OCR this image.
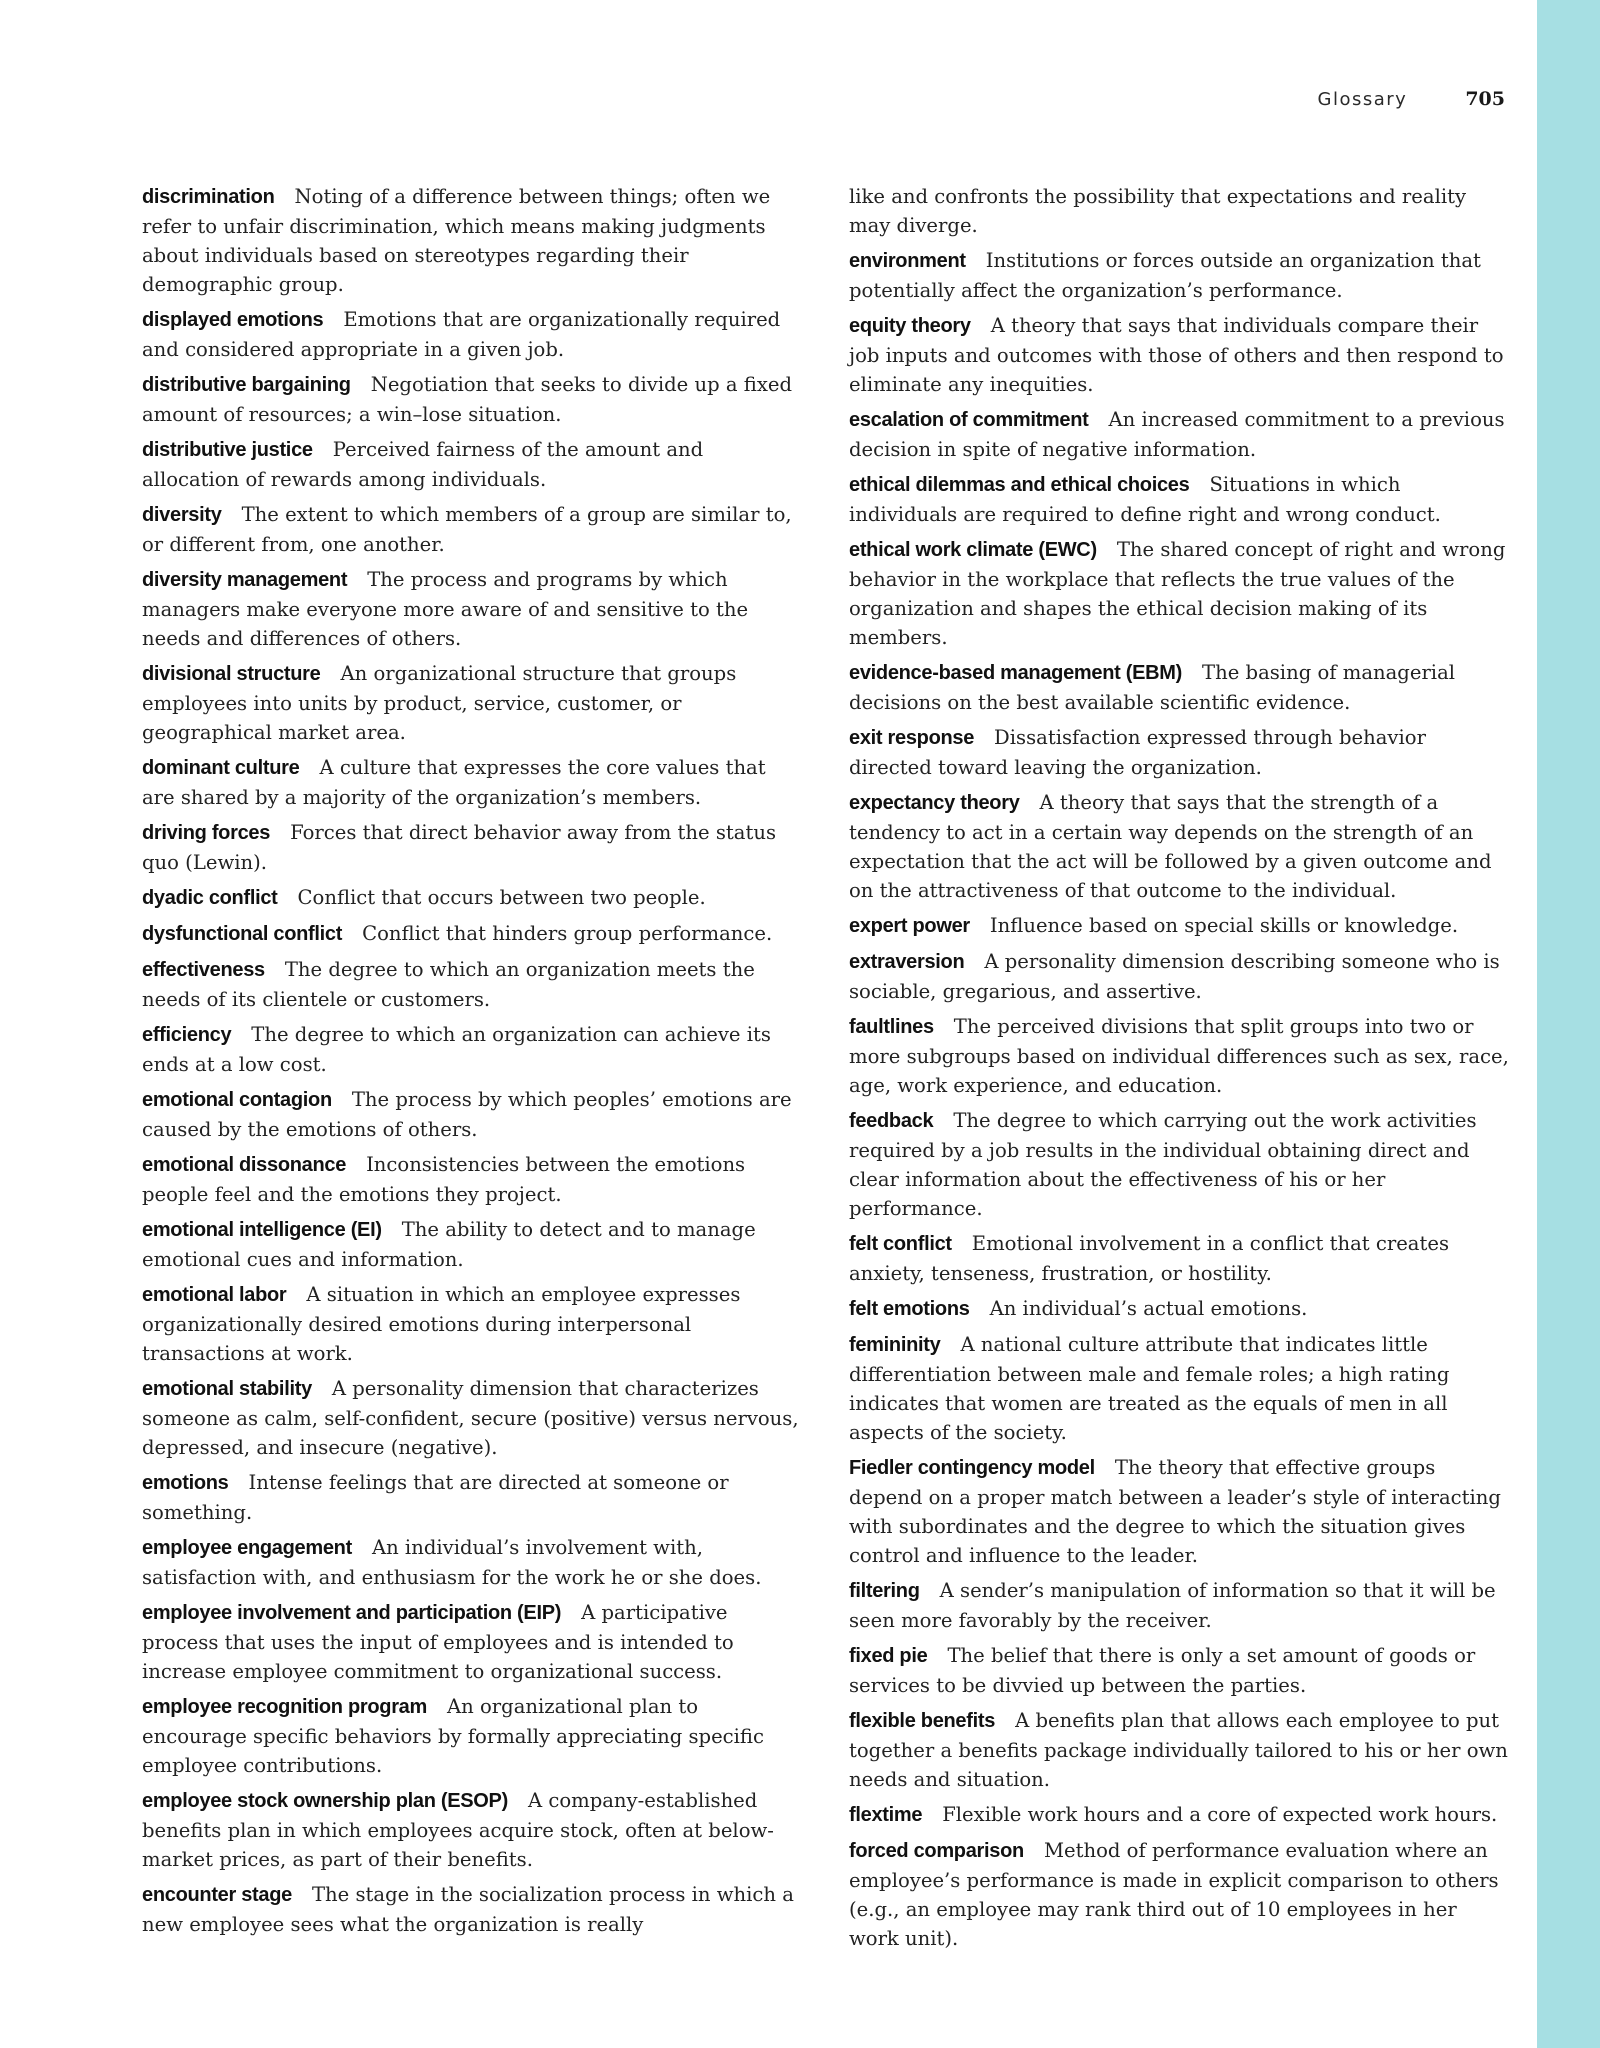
Glossary	705

discrimination Noting of a difference between things; often we refer to unfair discrimination, which means making judgments about individuals based on stereotypes regarding their demographic group.

displayed emotions Emotions that are organizationally required and considered appropriate in a given job.

distributive bargaining Negotiation that seeks to divide up a fixed amount of resources; a win–lose situation.

distributive justice Perceived fairness of the amount and allocation of rewards among individuals.

diversity The extent to which members of a group are similar to, or different from, one another.

diversity management The process and programs by which managers make everyone more aware of and sensitive to the needs and differences of others.

divisional structure An organizational structure that groups employees into units by product, service, customer, or geographical market area.

dominant culture A culture that expresses the core values that are shared by a majority of the organization’s members.

driving forces Forces that direct behavior away from the status quo (Lewin).

dyadic conflict Conflict that occurs between two people.

dysfunctional conflict Conflict that hinders group performance.

effectiveness The degree to which an organization meets the needs of its clientele or customers.

efficiency The degree to which an organization can achieve its ends at a low cost.

emotional contagion The process by which peoples’ emotions are caused by the emotions of others.

emotional dissonance Inconsistencies between the emotions people feel and the emotions they project.

emotional intelligence (EI) The ability to detect and to manage emotional cues and information.

emotional labor A situation in which an employee expresses organizationally desired emotions during interpersonal transactions at work.

emotional stability A personality dimension that characterizes someone as calm, self-confident, secure (positive) versus nervous, depressed, and insecure (negative).

emotions Intense feelings that are directed at someone or something.

employee engagement An individual’s involvement with, satisfaction with, and enthusiasm for the work he or she does.

employee involvement and participation (EIP) A participative process that uses the input of employees and is intended to increase employee commitment to organizational success.

employee recognition program An organizational plan to encourage specific behaviors by formally appreciating specific employee contributions.

employee stock ownership plan (ESOP) A company-established benefits plan in which employees acquire stock, often at below-market prices, as part of their benefits.

encounter stage The stage in the socialization process in which a new employee sees what the organization is really

like and confronts the possibility that expectations and reality may diverge.

environment Institutions or forces outside an organization that potentially affect the organization’s performance.

equity theory A theory that says that individuals compare their job inputs and outcomes with those of others and then respond to eliminate any inequities.

escalation of commitment An increased commitment to a previous decision in spite of negative information.

ethical dilemmas and ethical choices Situations in which individuals are required to define right and wrong conduct.

ethical work climate (EWC) The shared concept of right and wrong behavior in the workplace that reflects the true values of the organization and shapes the ethical decision making of its members.

evidence-based management (EBM) The basing of managerial decisions on the best available scientific evidence.

exit response Dissatisfaction expressed through behavior directed toward leaving the organization.

expectancy theory A theory that says that the strength of a tendency to act in a certain way depends on the strength of an expectation that the act will be followed by a given outcome and on the attractiveness of that outcome to the individual.

expert power Influence based on special skills or knowledge.

extraversion A personality dimension describing someone who is sociable, gregarious, and assertive.

faultlines The perceived divisions that split groups into two or more subgroups based on individual differences such as sex, race, age, work experience, and education.

feedback The degree to which carrying out the work activities required by a job results in the individual obtaining direct and clear information about the effectiveness of his or her performance.

felt conflict Emotional involvement in a conflict that creates anxiety, tenseness, frustration, or hostility.

felt emotions An individual’s actual emotions.

femininity A national culture attribute that indicates little differentiation between male and female roles; a high rating indicates that women are treated as the equals of men in all aspects of the society.

Fiedler contingency model The theory that effective groups depend on a proper match between a leader’s style of interacting with subordinates and the degree to which the situation gives control and influence to the leader.

filtering A sender’s manipulation of information so that it will be seen more favorably by the receiver.

fixed pie The belief that there is only a set amount of goods or services to be divvied up between the parties.

flexible benefits A benefits plan that allows each employee to put together a benefits package individually tailored to his or her own needs and situation.

flextime Flexible work hours and a core of expected work hours.

forced comparison Method of performance evaluation where an employee’s performance is made in explicit comparison to others (e.g., an employee may rank third out of 10 employees in her work unit).
